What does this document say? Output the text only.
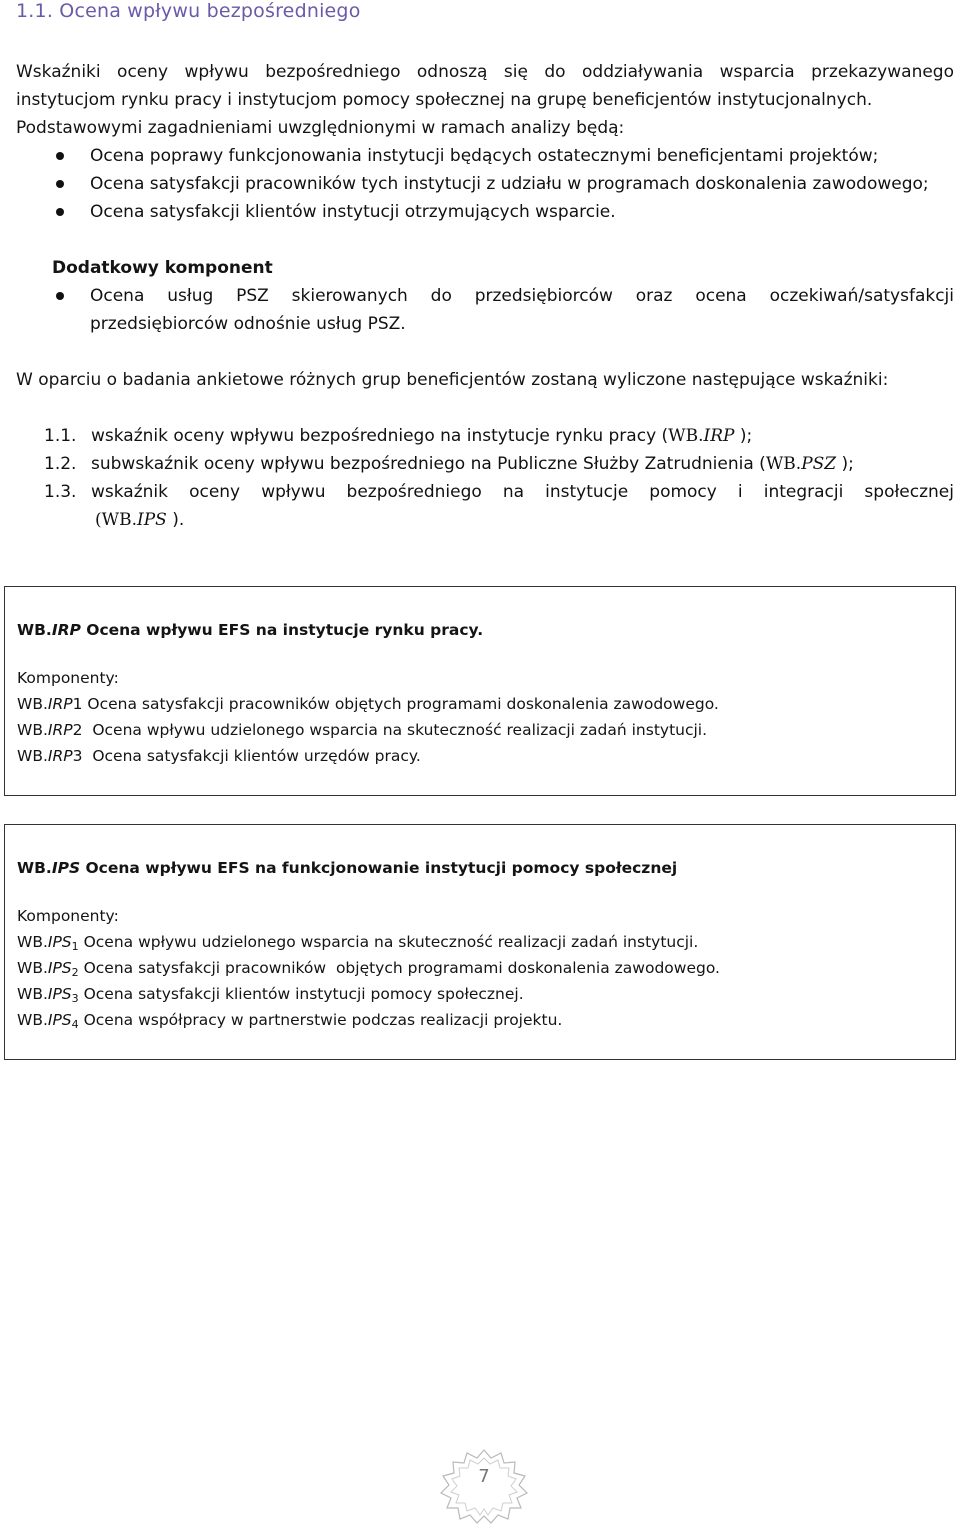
1.1. Ocena wpływu bezpośredniego
Wskaźniki oceny wpływu bezpośredniego odnoszą się do oddziaływania wsparcia przekazywanego
instytucjom rynku pracy i instytucjom pomocy społecznej na grupę beneficjentów instytucjonalnych.
Podstawowymi zagadnieniami uwzględnionymi w ramach analizy będą:
Ocena poprawy funkcjonowania instytucji będących ostatecznymi beneficjentami projektów;
Ocena satysfakcji pracowników tych instytucji z udziału w programach doskonalenia zawodowego;
Ocena satysfakcji klientów instytucji otrzymujących wsparcie.
Dodatkowy komponent
Ocena usług PSZ skierowanych do przedsiębiorców oraz ocena oczekiwań/satysfakcji przedsiębiorców odnośnie usług PSZ.
W oparciu o badania ankietowe różnych grup beneficjentów zostaną wyliczone następujące wskaźniki:
1.1. wskaźnik oceny wpływu bezpośredniego na instytucje rynku pracy (WB.IRP );
1.2. subwskaźnik oceny wpływu bezpośredniego na Publiczne Służby Zatrudnienia (WB.PSZ );
1.3. wskaźnik oceny wpływu bezpośredniego na instytucje pomocy i integracji społecznej
(WB.IPS ).
WB.IRP Ocena wpływu EFS na instytucje rynku pracy.
Komponenty:
WB.IRP1 Ocena satysfakcji pracowników objętych programami doskonalenia zawodowego.
WB.IRP2  Ocena wpływu udzielonego wsparcia na skuteczność realizacji zadań instytucji.
WB.IRP3  Ocena satysfakcji klientów urzędów pracy.
WB.IPS Ocena wpływu EFS na funkcjonowanie instytucji pomocy społecznej
Komponenty:
$WB.IPS_1$ Ocena wpływu udzielonego wsparcia na skuteczność realizacji zadań instytucji.
$WB.IPS_2$ Ocena satysfakcji pracowników  objętych programami doskonalenia zawodowego.
$WB.IPS_3$ Ocena satysfakcji klientów instytucji pomocy społecznej.
$WB.IPS_4$ Ocena współpracy w partnerstwie podczas realizacji projektu.
7
